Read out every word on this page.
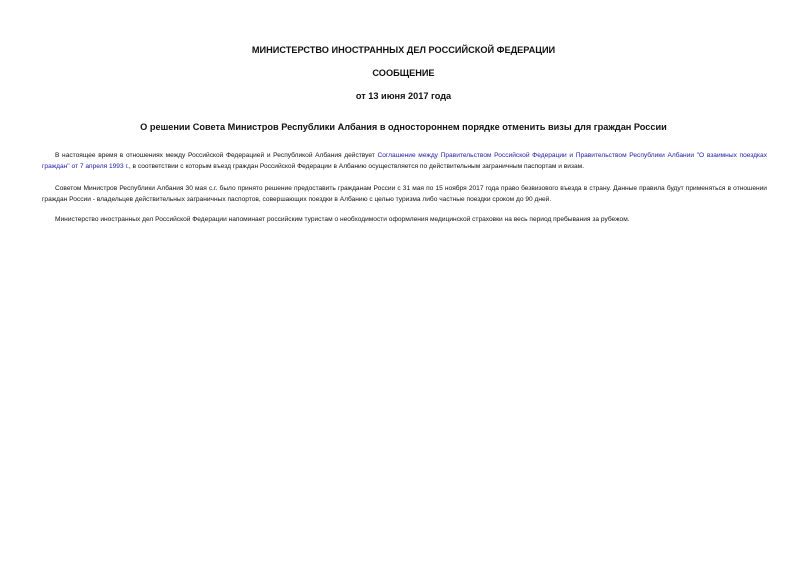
МИНИСТЕРСТВО ИНОСТРАННЫХ ДЕЛ РОССИЙСКОЙ ФЕДЕРАЦИИ

СООБЩЕНИЕ

от 13 июня 2017 года

О решении Совета Министров Республики Албания в одностороннем порядке отменить визы для граждан России

В настоящее время в отношениях между Российской Федерацией и Республикой Албания действует Соглашение между Правительством Российской Федерации и Правительством Республики Албании "О взаимных поездках граждан" от 7 апреля 1993 г., в соответствии с которым въезд граждан Российской Федерации в Албанию осуществляется по действительным заграничным паспортам и визам.

Советом Министров Республики Албания 30 мая с.г. было принято решение предоставить гражданам России с 31 мая по 15 ноября 2017 года право безвизового въезда в страну. Данные правила будут применяться в отношении граждан России - владельцев действительных заграничных паспортов, совершающих поездки в Албанию с целью туризма либо частные поездки сроком до 90 дней.

Министерство иностранных дел Российской Федерации напоминает российским туристам о необходимости оформления медицинской страховки на весь период пребывания за рубежом.
